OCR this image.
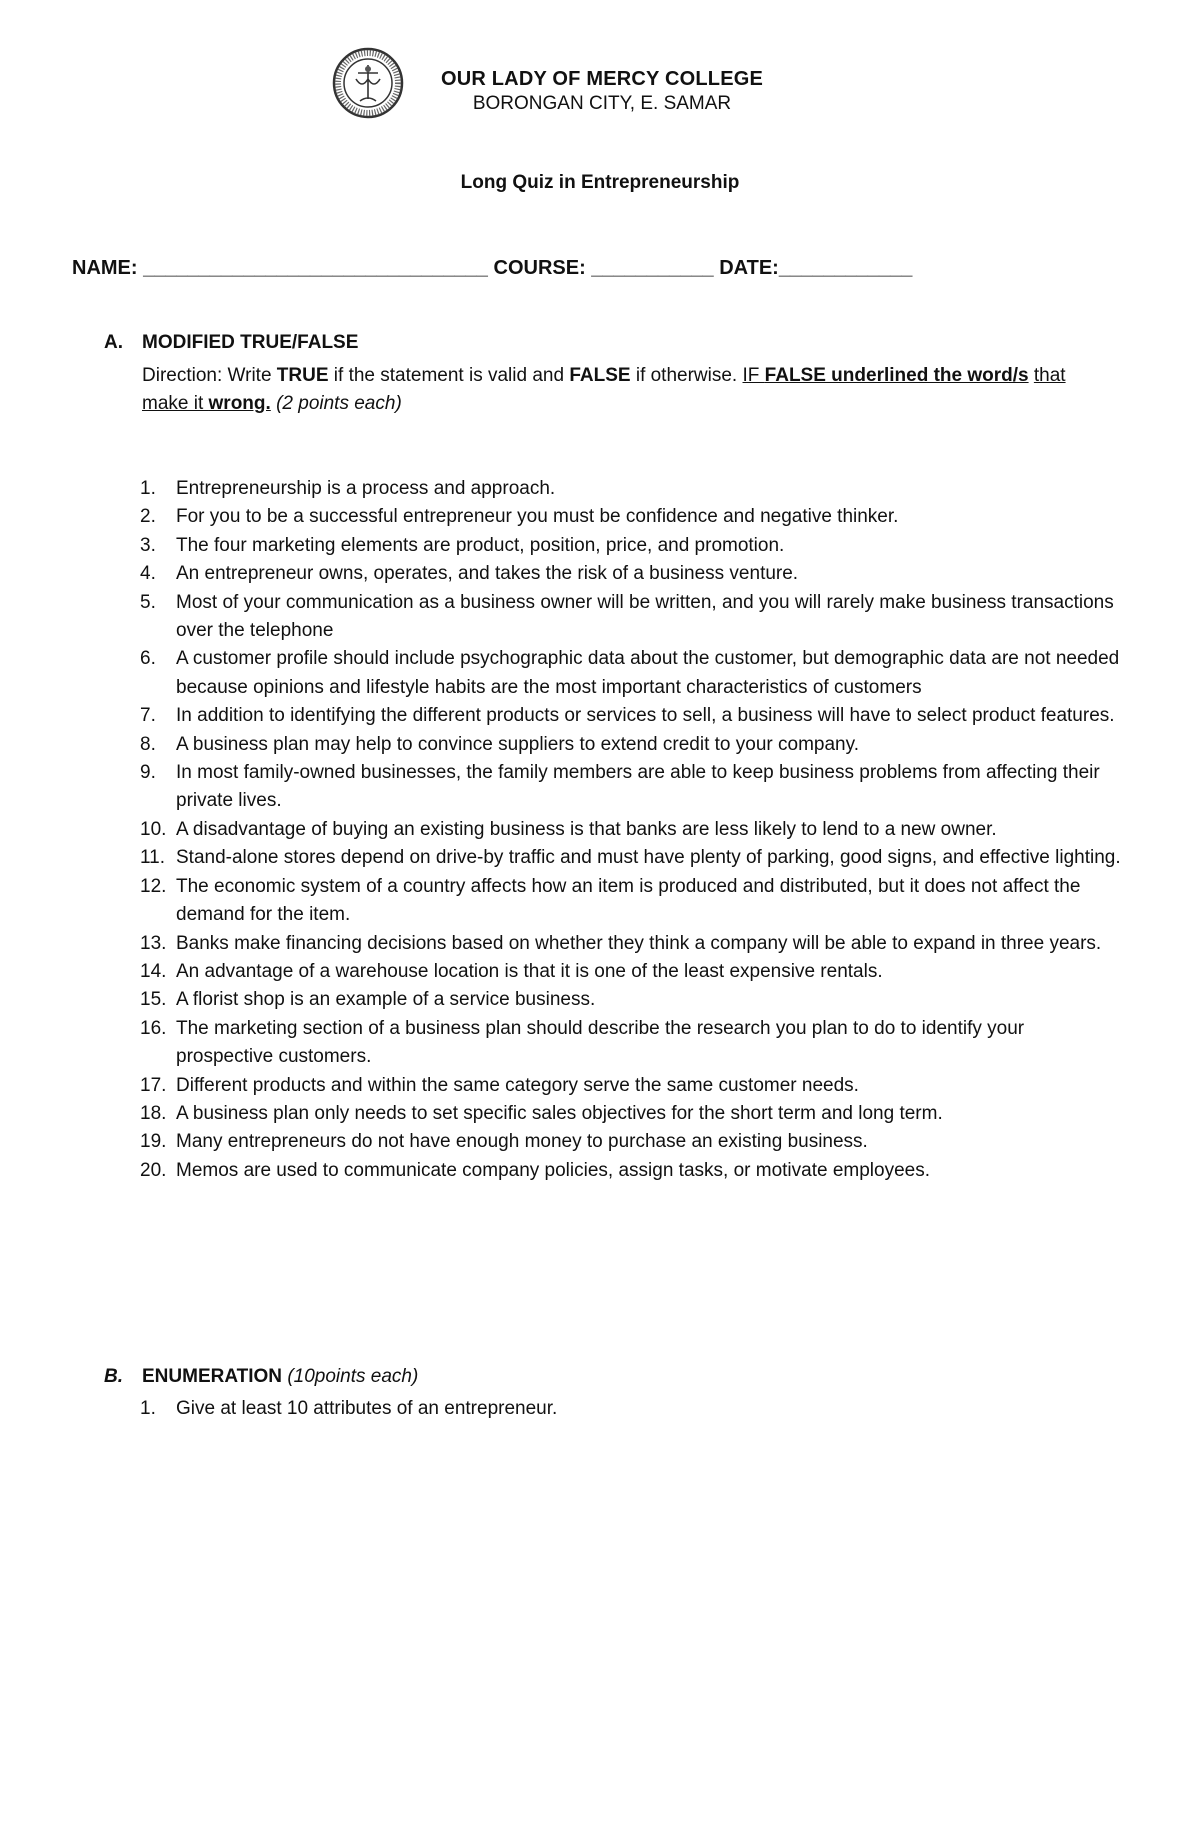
OUR LADY OF MERCY COLLEGE
BORONGAN CITY, E. SAMAR
Long Quiz in Entrepreneurship
NAME: _______________________________ COURSE: ___________ DATE:____________
A. MODIFIED TRUE/FALSE
Direction: Write TRUE if the statement is valid and FALSE if otherwise. IF FALSE underlined the word/s that make it wrong. (2 points each)
1. Entrepreneurship is a process and approach.
2. For you to be a successful entrepreneur you must be confidence and negative thinker.
3. The four marketing elements are product, position, price, and promotion.
4. An entrepreneur owns, operates, and takes the risk of a business venture.
5. Most of your communication as a business owner will be written, and you will rarely make business transactions over the telephone
6. A customer profile should include psychographic data about the customer, but demographic data are not needed because opinions and lifestyle habits are the most important characteristics of customers
7. In addition to identifying the different products or services to sell, a business will have to select product features.
8. A business plan may help to convince suppliers to extend credit to your company.
9. In most family-owned businesses, the family members are able to keep business problems from affecting their private lives.
10. A disadvantage of buying an existing business is that banks are less likely to lend to a new owner.
11. Stand-alone stores depend on drive-by traffic and must have plenty of parking, good signs, and effective lighting.
12. The economic system of a country affects how an item is produced and distributed, but it does not affect the demand for the item.
13. Banks make financing decisions based on whether they think a company will be able to expand in three years.
14. An advantage of a warehouse location is that it is one of the least expensive rentals.
15. A florist shop is an example of a service business.
16. The marketing section of a business plan should describe the research you plan to do to identify your prospective customers.
17. Different products and within the same category serve the same customer needs.
18. A business plan only needs to set specific sales objectives for the short term and long term.
19. Many entrepreneurs do not have enough money to purchase an existing business.
20. Memos are used to communicate company policies, assign tasks, or motivate employees.
B. ENUMERATION (10points each)
1. Give at least 10 attributes of an entrepreneur.
